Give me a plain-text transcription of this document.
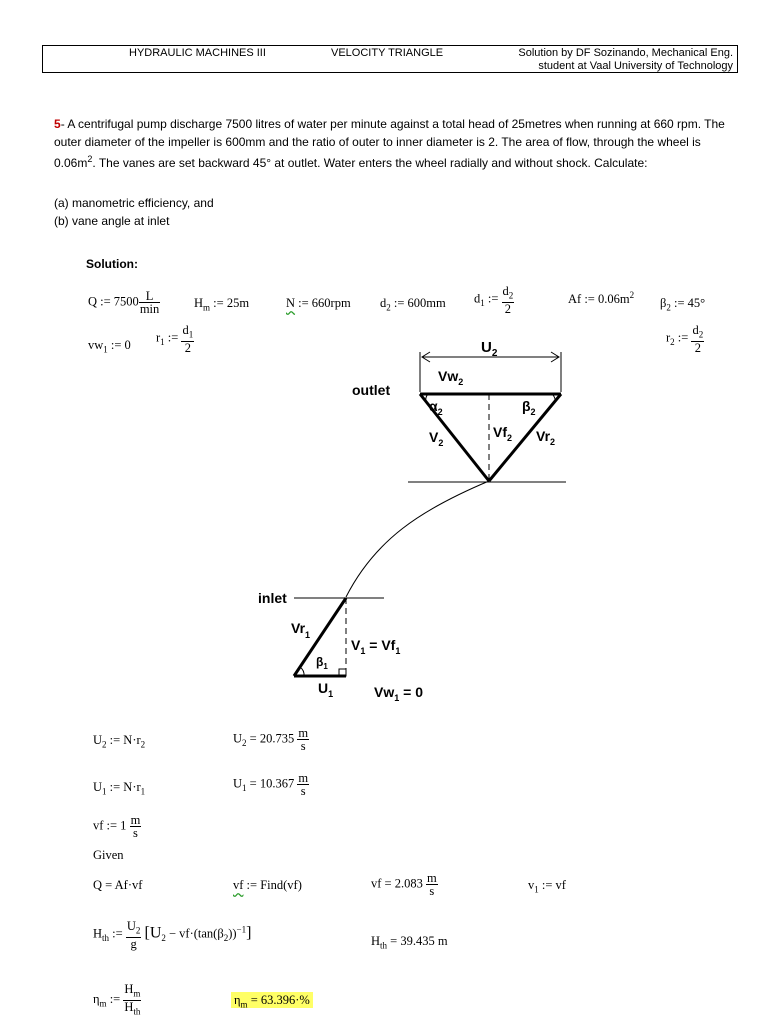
HYDRAULIC MACHINES III	VELOCITY TRIANGLE	Solution by DF Sozinando, Mechanical Eng.
student at Vaal University of Technology
5- A centrifugal pump discharge 7500 litres of water per minute against a total head of 25metres when running at 660 rpm. The outer diameter of the impeller is 600mm and the ratio of outer to inner diameter is 2. The area of flow, through the wheel is $0.06m^2$. The vanes are set backward 45° at outlet. Water enters the wheel radially and without shock. Calculate:
(a) manometric efficiency, and
(b) vane angle at inlet
Solution:
Q := $7500 \frac{L}{\min}$	$H_m$ := 25m	N := 660rpm $d_2$ := 600mm $d_1$ := $\frac{d_2}{2}$	Af := $0.06m^2$
$\beta_2$ := 45°
$vw_1$ := 0
$r_1$ := $\frac{d_1}{2}$	$r_2$ := $\frac{d_2}{2}$
$U_2$
outlet
$Vw_2$
$\alpha_2$	$\beta_2$
$V_2$
$Vf_2$ $Vr_2$
inlet
$Vr_1$
$V_1 = Vf_1$
$\beta_1$
$U_1$	$Vw_1 = 0$
$U_2$ := $N\cdot r_2$	$U_2 = 20.735 \frac{m}{s}$
$U_1$ := $N\cdot r_1$
$U_1 = 10.367 \frac{m}{s}$
vf := $1 \frac{m}{s}$
Given
Q = Af·vf	vf := Find(vf)	vf = $2.083 \frac{m}{s}$	$v_1$ := vf
$H_{th}$ := $\frac{U_2}{g} [U_2 - vf\cdot(\tan(\beta_2))^{-1}]$	$H_{th} = 39.435$ m
$\eta_m$ := $\frac{H_m}{H_{th}}$	$\eta_m = 63.396\cdot\%$
